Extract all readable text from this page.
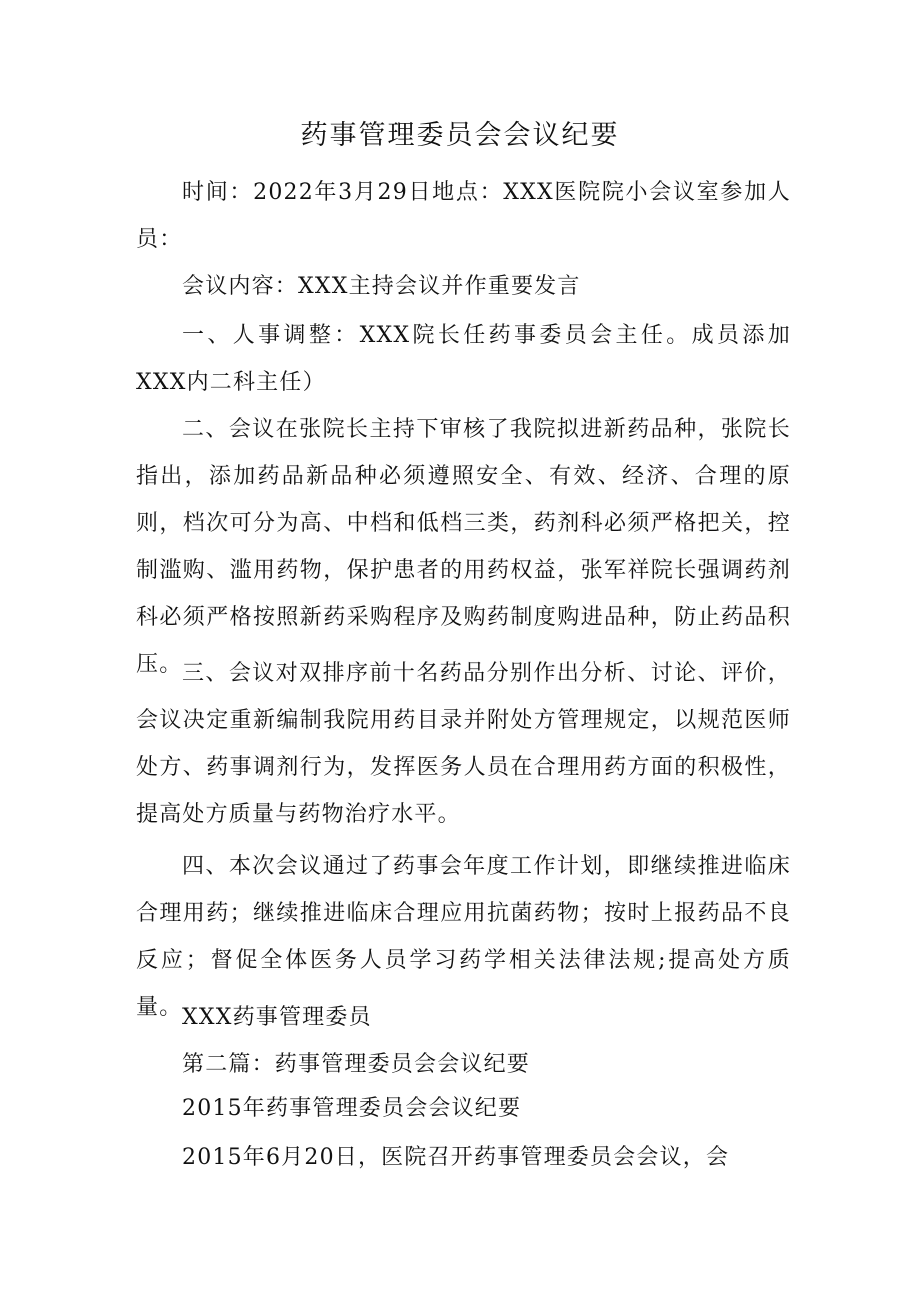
药事管理委员会会议纪要

时间：2022年3月29日地点：XXX医院院小会议室参加人员：

会议内容：XXX主持会议并作重要发言

一、人事调整：XXX院长任药事委员会主任。成员添加XXX内二科主任）

二、会议在张院长主持下审核了我院拟进新药品种，张院长指出，添加药品新品种必须遵照安全、有效、经济、合理的原则，档次可分为高、中档和低档三类，药剂科必须严格把关，控制滥购、滥用药物，保护患者的用药权益，张军祥院长强调药剂科必须严格按照新药采购程序及购药制度购进品种，防止药品积压。 三、会议对双排序前十名药品分别作出分析、讨论、评价，会议决定重新编制我院用药目录并附处方管理规定，以规范医师处方、药事调剂行为，发挥医务人员在合理用药方面的积极性，提高处方质量与药物治疗水平。

四、本次会议通过了药事会年度工作计划，即继续推进临床合理用药；继续推进临床合理应用抗菌药物；按时上报药品不良反应；督促全体医务人员学习药学相关法律法规;提高处方质量。 XXX药事管理委员

第二篇：药事管理委员会会议纪要

2015年药事管理委员会会议纪要

2015年6月20日，医院召开药事管理委员会会议，会
